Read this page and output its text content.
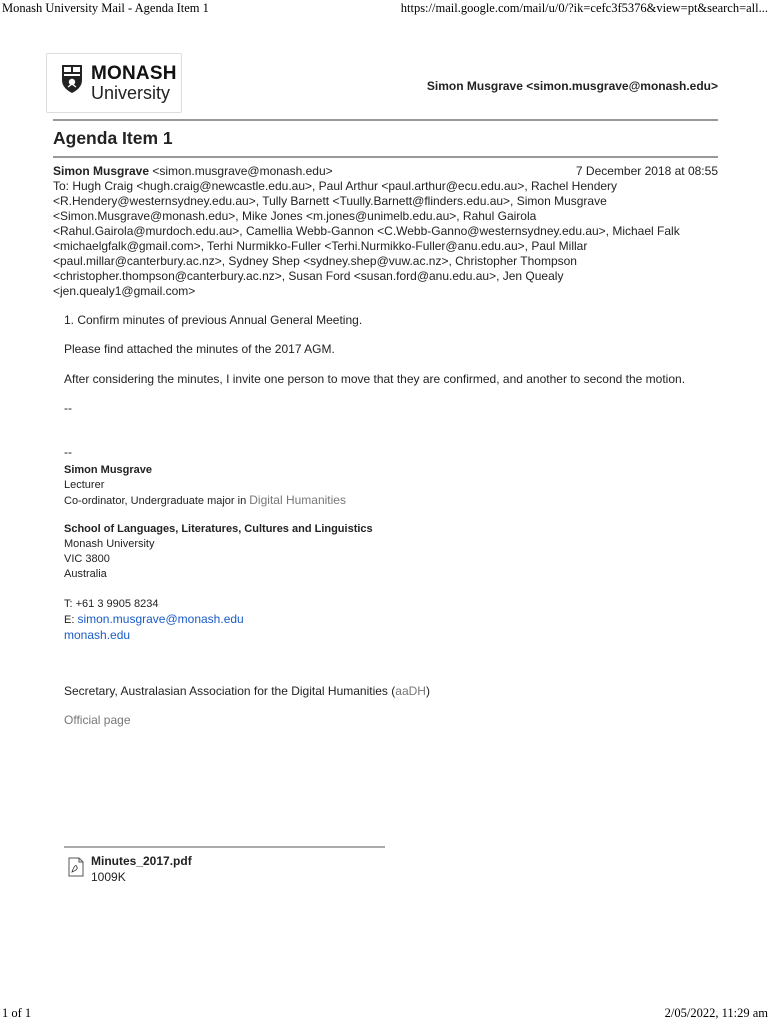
Monash University Mail - Agenda Item 1	https://mail.google.com/mail/u/0/?ik=cefc3f5376&view=pt&search=all...
MONASH
University	Simon Musgrave <simon.musgrave@monash.edu>
Agenda Item 1
Simon Musgrave <simon.musgrave@monash.edu>	7 December 2018 at 08:55
To: Hugh Craig <hugh.craig@newcastle.edu.au>, Paul Arthur <paul.arthur@ecu.edu.au>, Rachel Hendery
<R.Hendery@westernsydney.edu.au>, Tully Barnett <Tuully.Barnett@flinders.edu.au>, Simon Musgrave
<Simon.Musgrave@monash.edu>, Mike Jones <m.jones@unimelb.edu.au>, Rahul Gairola
<Rahul.Gairola@murdoch.edu.au>, Camellia Webb-Gannon <C.Webb-Ganno@westernsydney.edu.au>, Michael Falk
<michaelgfalk@gmail.com>, Terhi Nurmikko-Fuller <Terhi.Nurmikko-Fuller@anu.edu.au>, Paul Millar
<paul.millar@canterbury.ac.nz>, Sydney Shep <sydney.shep@vuw.ac.nz>, Christopher Thompson
<christopher.thompson@canterbury.ac.nz>, Susan Ford <susan.ford@anu.edu.au>, Jen Quealy
<jen.quealy1@gmail.com>
1. Confirm minutes of previous Annual General Meeting.
Please find attached the minutes of the 2017 AGM.
After considering the minutes, I invite one person to move that they are confirmed, and another to second the motion.
--
--
Simon Musgrave
Lecturer
Co-ordinator, Undergraduate major in Digital Humanities
School of Languages, Literatures, Cultures and Linguistics
Monash University
VIC 3800
Australia
T: +61 3 9905 8234
E: simon.musgrave@monash.edu
monash.edu
Secretary, Australasian Association for the Digital Humanities (aaDH)
Official page
Minutes_2017.pdf
1009K
1 of 1	2/05/2022, 11:29 am
